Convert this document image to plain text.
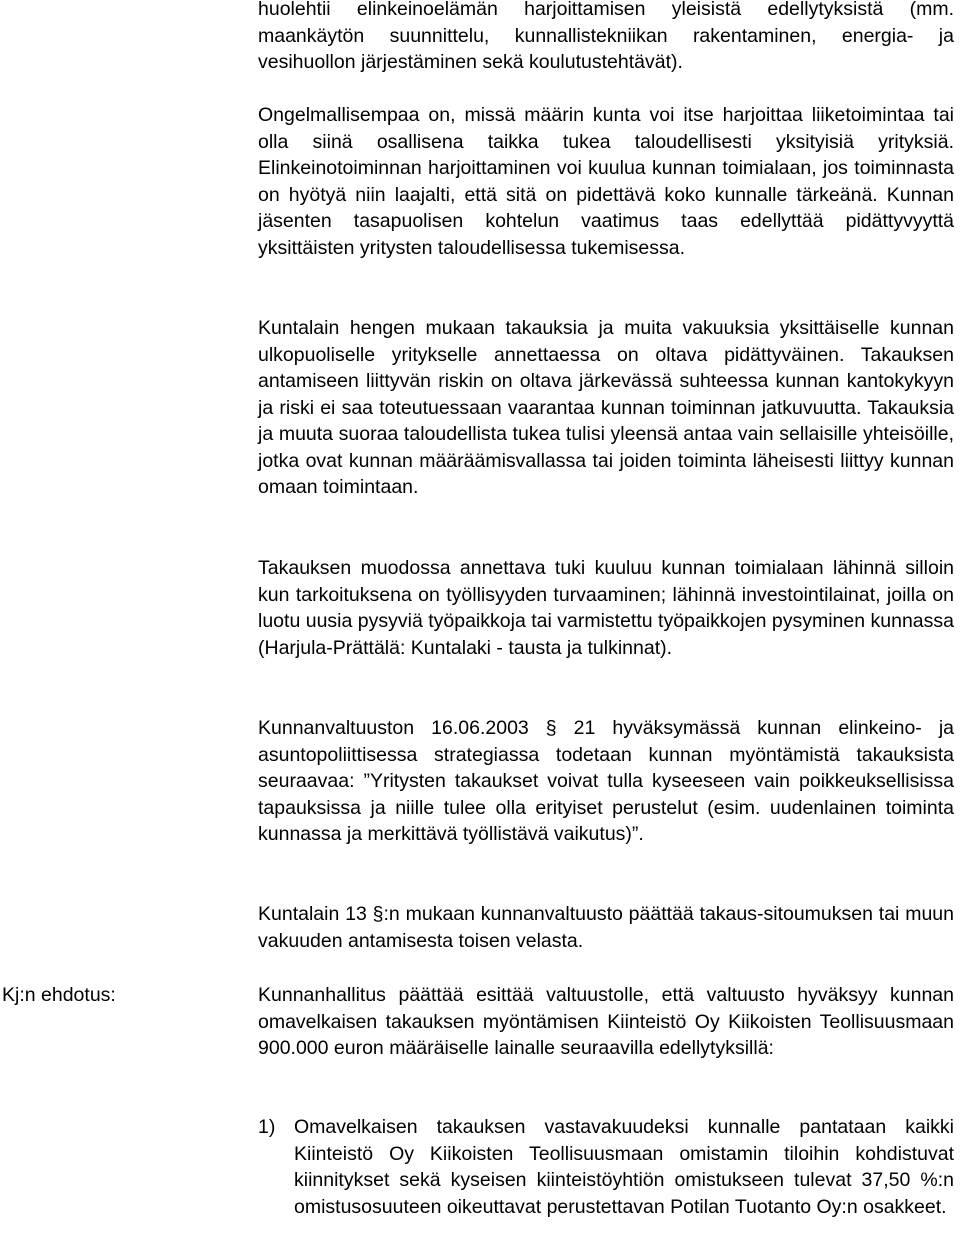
huolehtii elinkeinoelämän harjoittamisen yleisistä edellytyksistä (mm. maankäytön suunnittelu, kunnallistekniikan rakentaminen, energia- ja vesihuollon järjestäminen sekä koulutustehtävät).

Ongelmallisempaa on, missä määrin kunta voi itse harjoittaa liiketoimintaa tai olla siinä osallisena taikka tukea taloudellisesti yksityisiä yrityksiä. Elinkeinotoiminnan harjoittaminen voi kuulua kunnan toimialaan, jos toiminnasta on hyötyä niin laajalti, että sitä on pidettävä koko kunnalle tärkeänä. Kunnan jäsenten tasapuolisen kohtelun vaatimus taas edellyttää pidättyvyyttä yksittäisten yritysten taloudellisessa tukemisessa.

Kuntalain hengen mukaan takauksia ja muita vakuuksia yksittäiselle kunnan ulkopuoliselle yritykselle annettaessa on oltava pidättyväinen. Takauksen antamiseen liittyvän riskin on oltava järkevässä suhteessa kunnan kantokykyyn ja riski ei saa toteutuessaan vaarantaa kunnan toiminnan jatkuvuutta. Takauksia ja muuta suoraa taloudellista tukea tulisi yleensä antaa vain sellaisille yhteisöille, jotka ovat kunnan määräämisvallassa tai joiden toiminta läheisesti liittyy kunnan omaan toimintaan.

Takauksen muodossa annettava tuki kuuluu kunnan toimialaan lähinnä silloin kun tarkoituksena on työllisyyden turvaaminen; lähinnä investointilainat, joilla on luotu uusia pysyviä työpaikkoja tai varmistettu työpaikkojen pysyminen kunnassa (Harjula-Prättälä: Kuntalaki - tausta ja tulkinnat).

Kunnanvaltuuston 16.06.2003 § 21 hyväksymässä kunnan elinkeino- ja asuntopoliittisessa strategiassa todetaan kunnan myöntämistä takauksista seuraavaa: ”Yritysten takaukset voivat tulla kyseeseen vain poikkeuksellisissa tapauksissa ja niille tulee olla erityiset perustelut (esim. uudenlainen toiminta kunnassa ja merkittävä työllistävä vaikutus)”.

Kuntalain 13 §:n mukaan kunnanvaltuusto päättää takaus-sitoumuksen tai muun vakuuden antamisesta toisen velasta.

Kj:n ehdotus:	Kunnanhallitus päättää esittää valtuustolle, että valtuusto hyväksyy kunnan omavelkaisen takauksen myöntämisen Kiinteistö Oy Kiikoisten Teollisuusmaan 900.000 euron määräiselle lainalle seuraavilla edellytyksillä:

1) Omavelkaisen takauksen vastavakuudeksi kunnalle pantataan kaikki Kiinteistö Oy Kiikoisten Teollisuusmaan omistamin tiloihin kohdistuvat kiinnitykset sekä kyseisen kiinteistöyhtiön omistukseen tulevat 37,50 %:n omistusosuuteen oikeuttavat perustettavan Potilan Tuotanto Oy:n osakkeet.
